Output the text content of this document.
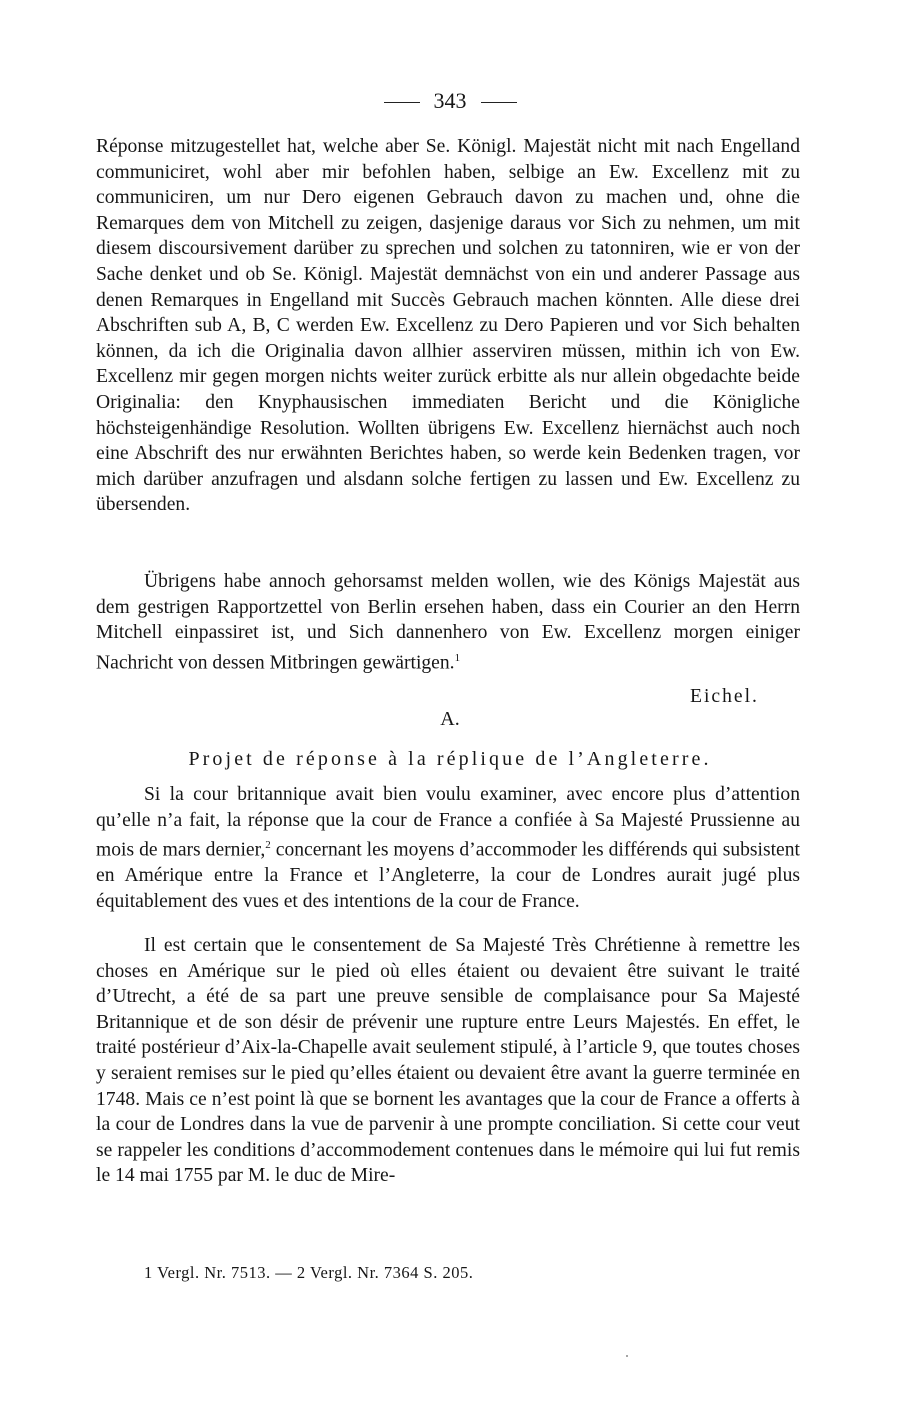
343

Réponse mitzugestellet hat, welche aber Se. Königl. Majestät nicht mit nach Engelland communiciret, wohl aber mir befohlen haben, selbige an Ew. Excellenz mit zu communiciren, um nur Dero eigenen Gebrauch davon zu machen und, ohne die Remarques dem von Mitchell zu zeigen, dasjenige daraus vor Sich zu nehmen, um mit diesem discoursivement darüber zu sprechen und solchen zu tatonniren, wie er von der Sache denket und ob Se. Königl. Majestät demnächst von ein und anderer Passage aus denen Remarques in Engelland mit Succès Gebrauch machen könnten. Alle diese drei Abschriften sub A, B, C werden Ew. Excellenz zu Dero Papieren und vor Sich behalten können, da ich die Originalia davon allhier asserviren müssen, mithin ich von Ew. Excellenz mir gegen morgen nichts weiter zurück erbitte als nur allein obgedachte beide Originalia: den Knyphausischen immediaten Bericht und die Königliche höchsteigenhändige Resolution. Wollten übrigens Ew. Excellenz hiernächst auch noch eine Abschrift des nur erwähnten Berichtes haben, so werde kein Bedenken tragen, vor mich darüber anzufragen und alsdann solche fertigen zu lassen und Ew. Excellenz zu übersenden.

Übrigens habe annoch gehorsamst melden wollen, wie des Königs Majestät aus dem gestrigen Rapportzettel von Berlin ersehen haben, dass ein Courier an den Herrn Mitchell einpassiret ist, und Sich dannenhero von Ew. Excellenz morgen einiger Nachricht von dessen Mitbringen gewärtigen.$^1$

Eichel.
A.
Projet de réponse à la réplique de l’Angleterre.

Si la cour britannique avait bien voulu examiner, avec encore plus d’attention qu’elle n’a fait, la réponse que la cour de France a confiée à Sa Majesté Prussienne au mois de mars dernier,$^2$ concernant les moyens d’accommoder les différends qui subsistent en Amérique entre la France et l’Angleterre, la cour de Londres aurait jugé plus équitablement des vues et des intentions de la cour de France.

Il est certain que le consentement de Sa Majesté Très Chrétienne à remettre les choses en Amérique sur le pied où elles étaient ou devaient être suivant le traité d’Utrecht, a été de sa part une preuve sensible de complaisance pour Sa Majesté Britannique et de son désir de prévenir une rupture entre Leurs Majestés. En effet, le traité postérieur d’Aix-la-Chapelle avait seulement stipulé, à l’article 9, que toutes choses y seraient remises sur le pied qu’elles étaient ou devaient être avant la guerre terminée en 1748. Mais ce n’est point là que se bornent les avantages que la cour de France a offerts à la cour de Londres dans la vue de parvenir à une prompte conciliation. Si cette cour veut se rappeler les conditions d’accommodement contenues dans le mémoire qui lui fut remis le 14 mai 1755 par M. le duc de Mire-

1 Vergl. Nr. 7513. — 2 Vergl. Nr. 7364 S. 205.
